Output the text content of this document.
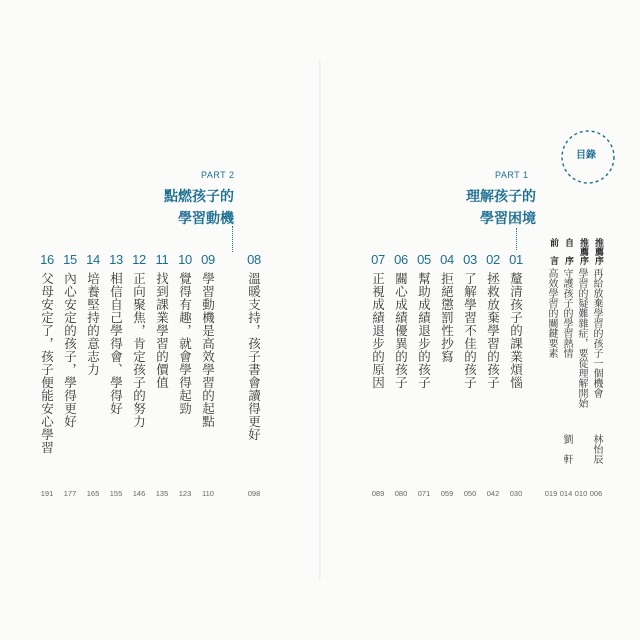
目錄
推薦序
再給放棄學習的孩子一個機會
林怡辰
推薦序
學習的疑難雜症，要從理解開始
自　序
守護孩子的學習熱情
劉　軒
前　言
高效學習的關鍵要素
006
010
014
019
PART 1
理解孩子的
學習困境
01
02
03
04
05
06
07
釐清孩子的課業煩惱
拯救放棄學習的孩子
了解學習不佳的孩子
拒絕懲罰性抄寫
幫助成績退步的孩子
關心成績優異的孩子
正視成績退步的原因
030
042
050
059
071
080
089
08
溫暖支持，孩子書會讀得更好
098
PART 2
點燃孩子的
學習動機
09
10
11
12
13
14
15
16
學習動機是高效學習的起點
覺得有趣，就會學得起勁
找到課業學習的價值
正向聚焦，肯定孩子的努力
相信自己學得會、學得好
培養堅持的意志力
內心安定的孩子，學得更好
父母安定了，孩子便能安心學習
110
123
135
146
155
165
177
191
